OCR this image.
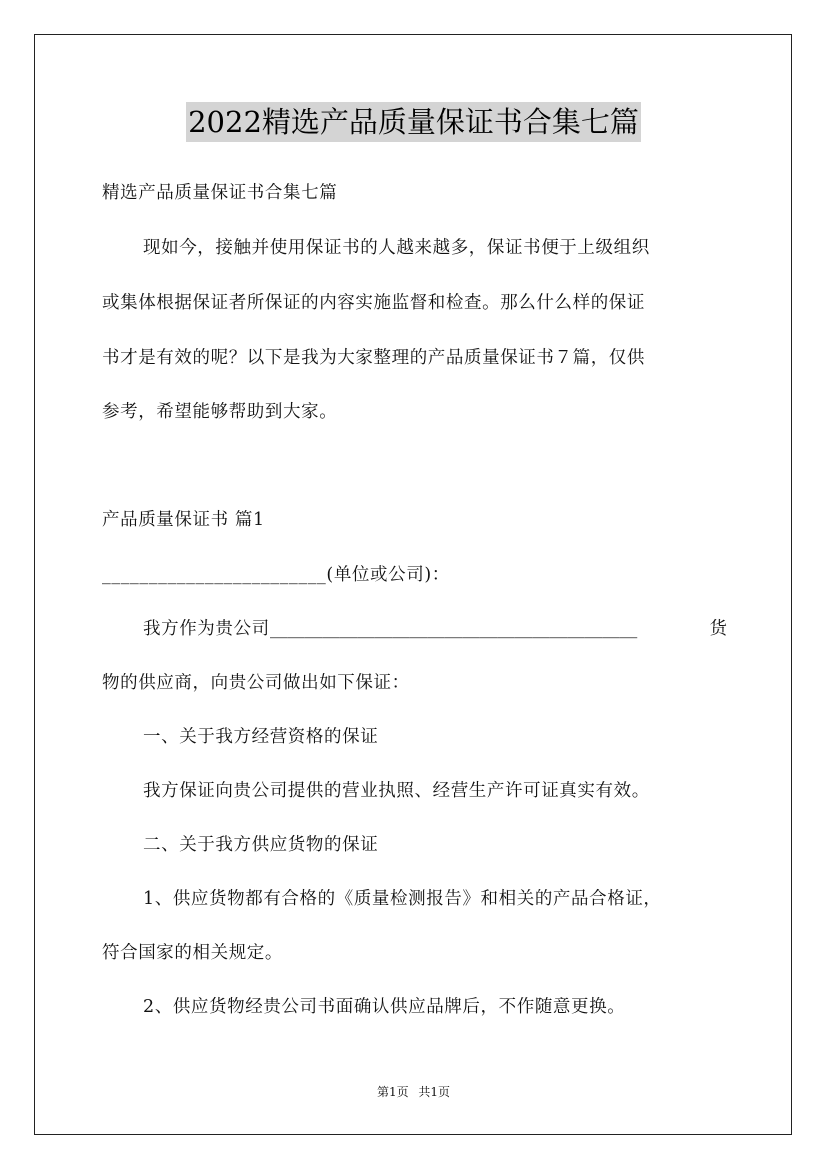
2022精选产品质量保证书合集七篇
精选产品质量保证书合集七篇
现如今，接触并使用保证书的人越来越多，保证书便于上级组织
或集体根据保证者所保证的内容实施监督和检查。那么什么样的保证
书才是有效的呢？以下是我为大家整理的产品质量保证书７篇，仅供
参考，希望能够帮助到大家。
产品质量保证书 篇1
________________________(单位或公司)：
我方作为贵公司 __________________________________________	货
物的供应商，向贵公司做出如下保证：
一、关于我方经营资格的保证
我方保证向贵公司提供的营业执照、经营生产许可证真实有效。
二、关于我方供应货物的保证
1、供应货物都有合格的《质量检测报告》和相关的产品合格证，
符合国家的相关规定。
2、供应货物经贵公司书面确认供应品牌后，不作随意更换。
第1页 共1页
